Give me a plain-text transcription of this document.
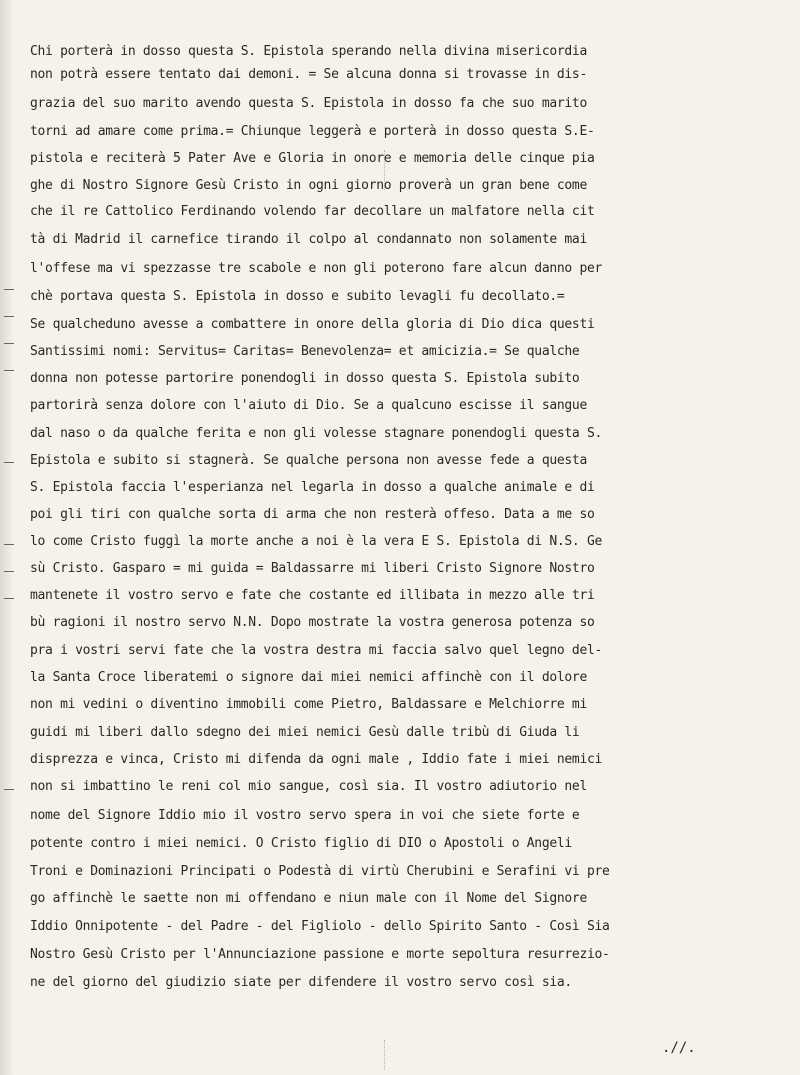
Chi porterà in dosso questa S. Epistola sperando nella divina misericordia
non potrà essere tentato dai demoni. = Se alcuna donna si trovasse in dis-
grazia del suo marito avendo questa S. Epistola in dosso fa che suo marito
torni ad amare come prima.= Chiunque leggerà e porterà in dosso questa S.E-
pistola e reciterà 5 Pater Ave e Gloria in onore e memoria delle cinque pia
ghe di Nostro Signore Gesù Cristo in ogni giorno proverà un gran bene come
che il re Cattolico Ferdinando volendo far decollare un malfatore nella cit
tà di Madrid il carnefice tirando il colpo al condannato non solamente mai
l'offese ma vi spezzasse tre scabole e non gli poterono fare alcun danno per
chè portava questa S. Epistola in dosso e subito levagli fu decollato.=
Se qualcheduno avesse a combattere in onore della gloria di Dio dica questi
Santissimi nomi: Servitus= Caritas= Benevolenza= et amicizia.= Se qualche
donna non potesse partorire ponendogli in dosso questa S. Epistola subito
partorirà senza dolore con l'aiuto di Dio. Se a qualcuno escisse il sangue
dal naso o da qualche ferita e non gli volesse stagnare ponendogli questa S.
Epistola e subito si stagnerà. Se qualche persona non avesse fede a questa
S. Epistola faccia l'esperianza nel legarla in dosso a qualche animale e di
poi gli tiri con qualche sorta di arma che non resterà offeso. Data a me so
lo come Cristo fuggì la morte anche a noi è la vera E S. Epistola di N.S. Ge
sù Cristo. Gasparo = mi guida = Baldassarre mi liberi Cristo Signore Nostro
mantenete il vostro servo e fate che costante ed illibata in mezzo alle tri
bù ragioni il nostro servo N.N. Dopo mostrate la vostra generosa potenza so
pra i vostri servi fate che la vostra destra mi faccia salvo quel legno del-
la Santa Croce liberatemi o signore dai miei nemici affinchè con il dolore
non mi vedini o diventino immobili come Pietro, Baldassare e Melchiorre mi
guidi mi liberi dallo sdegno dei miei nemici Gesù dalle tribù di Giuda li
disprezza e vinca, Cristo mi difenda da ogni male , Iddio fate i miei nemici
non si imbattino le reni col mio sangue, così sia. Il vostro adiutorio nel
nome del Signore Iddio mio il vostro servo spera in voi che siete forte e
potente contro i miei nemici. O Cristo figlio di DIO o Apostoli o Angeli
Troni e Dominazioni Principati o Podestà di virtù Cherubini e Serafini vi pre
go affinchè le saette non mi offendano e niun male con il Nome del Signore
Iddio Onnipotente - del Padre - del Figliolo - dello Spirito Santo - Così Sia
Nostro Gesù Cristo per l'Annunciazione passione e morte sepoltura resurrezio-
ne del giorno del giudizio siate per difendere il vostro servo così sia.
.//.
